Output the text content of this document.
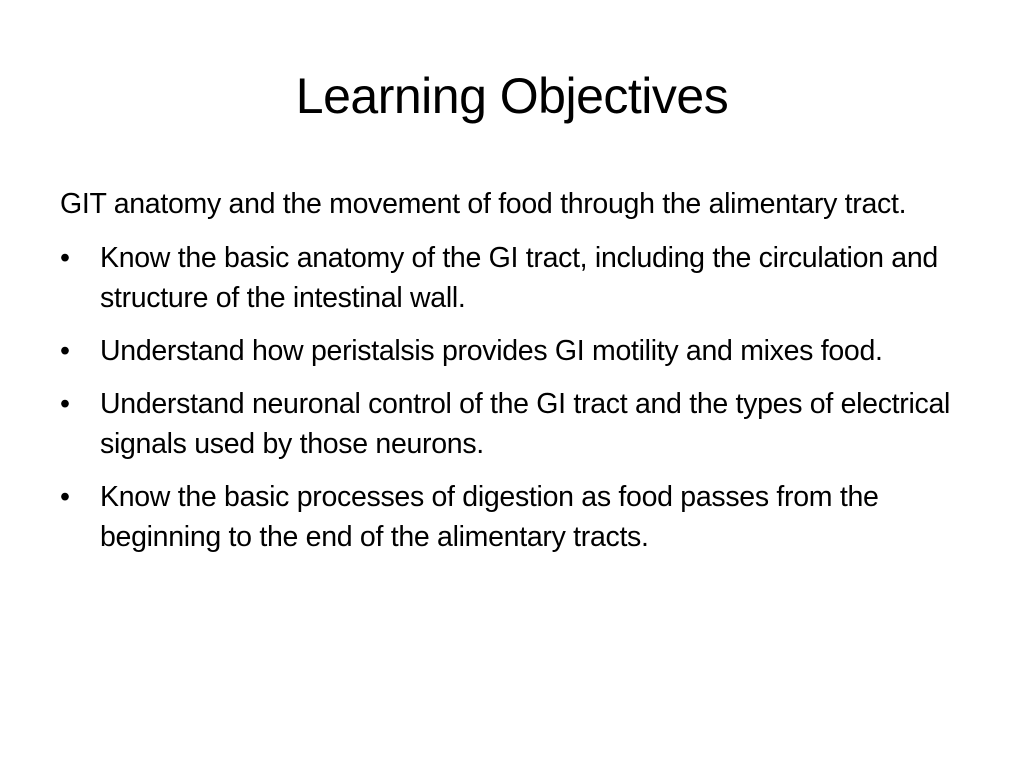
Learning Objectives

GIT anatomy and the movement of food through the alimentary tract.

•	Know the basic anatomy of the GI tract, including the circulation and structure of the intestinal wall.
•	Understand how peristalsis provides GI motility and mixes food.
•	Understand neuronal control of the GI tract and the types of electrical signals used by those neurons.
•	Know the basic processes of digestion as food passes from the beginning to the end of the alimentary tracts.
